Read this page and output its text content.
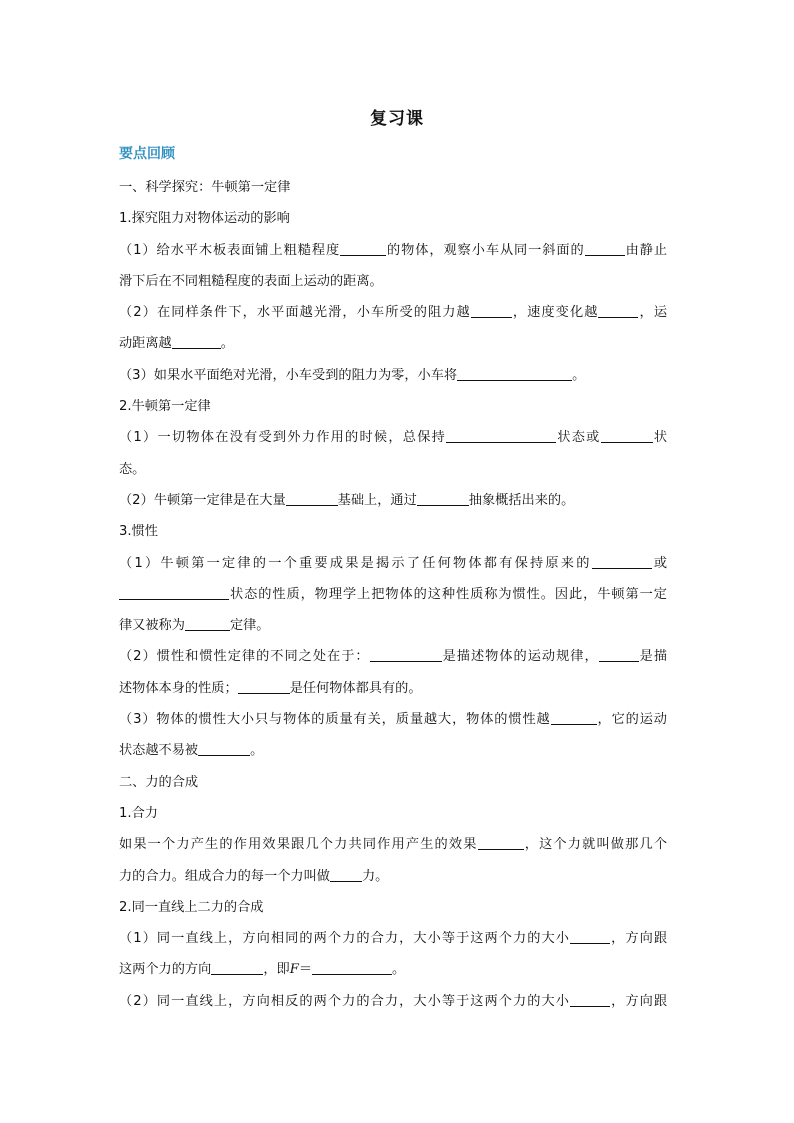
复习课
要点回顾
一、科学探究：牛顿第一定律
1.探究阻力对物体运动的影响
（1）给水平木板表面铺上粗糙程度	的物体，观察小车从同一斜面的	由静止
滑下后在不同粗糙程度的表面上运动的距离。
（2）在同样条件下，水平面越光滑，小车所受的阻力越	，速度变化越	，运
动距离越	。
（3）如果水平面绝对光滑，小车受到的阻力为零，小车将	。
2.牛顿第一定律
（1）一切物体在没有受到外力作用的时候，总保持	状态或	状
态。
（2）牛顿第一定律是在大量	基础上，通过	抽象概括出来的。
3.惯性
（1）牛顿第一定律的一个重要成果是揭示了任何物体都有保持原来的	或
状态的性质，物理学上把物体的这种性质称为惯性。因此，牛顿第一定
律又被称为	定律。
（2）惯性和惯性定律的不同之处在于：	是描述物体的运动规律，	是描
述物体本身的性质；	是任何物体都具有的。
（3）物体的惯性大小只与物体的质量有关，质量越大，物体的惯性越	，它的运动
状态越不易被	。
二、力的合成
1.合力
如果一个力产生的作用效果跟几个力共同作用产生的效果	，这个力就叫做那几个
力的合力。组成合力的每一个力叫做 力。
2.同一直线上二力的合成
（1）同一直线上，方向相同的两个力的合力，大小等于这两个力的大小	，方向跟
这两个力的方向	，即F＝	。
（2）同一直线上，方向相反的两个力的合力，大小等于这两个力的大小	，方向跟
